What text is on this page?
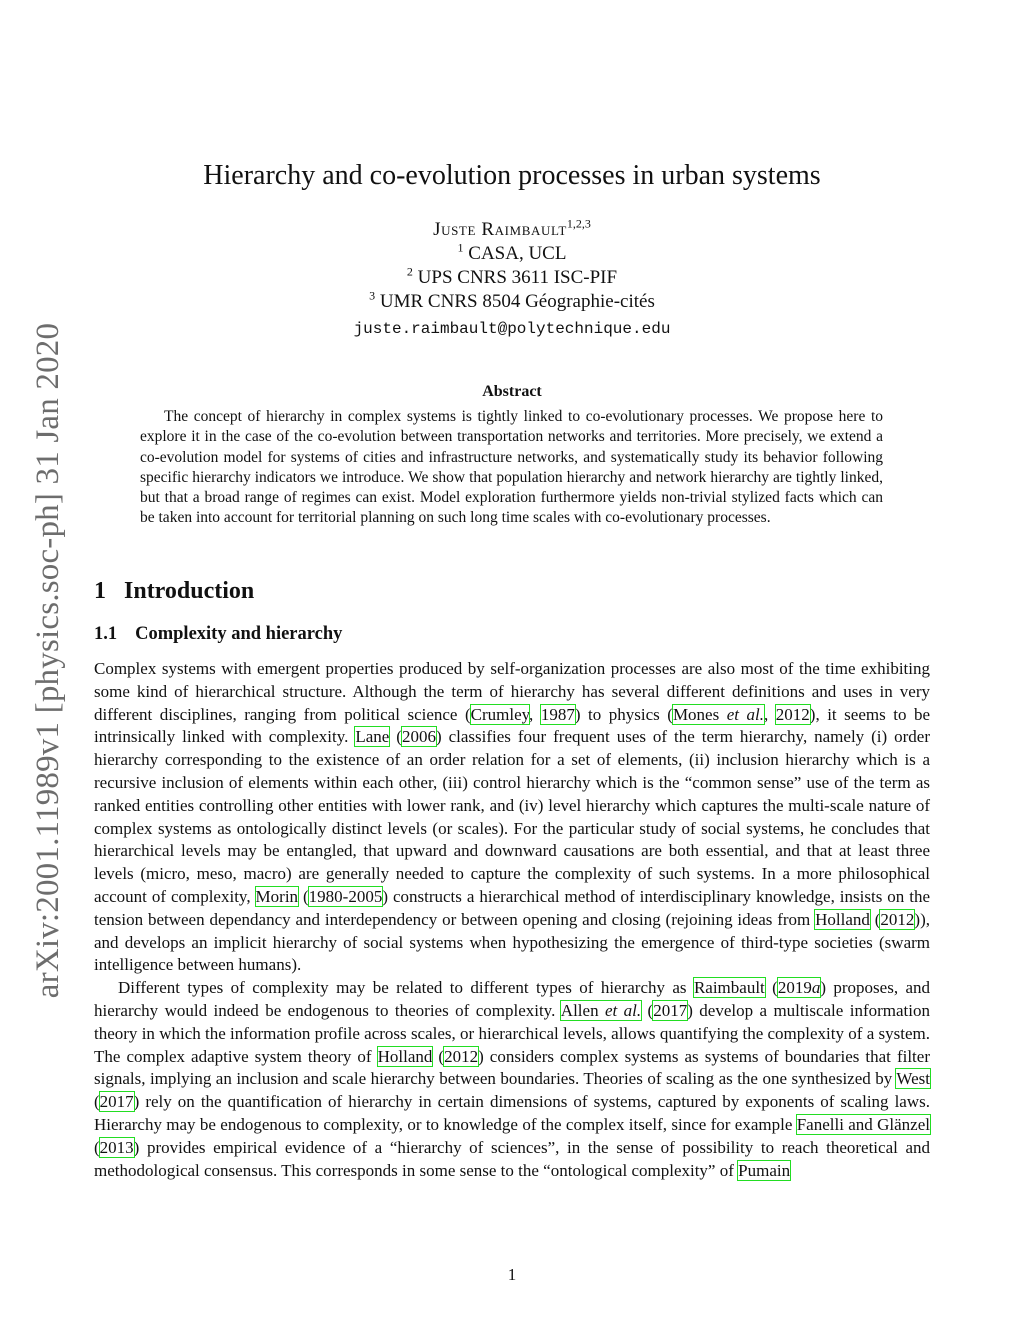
arXiv:2001.11989v1 [physics.soc-ph] 31 Jan 2020
Hierarchy and co-evolution processes in urban systems
Juste Raimbault$^{1,2,3}$
$^1$ CASA, UCL
$^2$ UPS CNRS 3611 ISC-PIF
$^3$ UMR CNRS 8504 Géographie-cités
juste.raimbault@polytechnique.edu
Abstract

The concept of hierarchy in complex systems is tightly linked to co-evolutionary processes. We propose here to explore it in the case of the co-evolution between transportation networks and territories. More precisely, we extend a co-evolution model for systems of cities and infrastructure networks, and systematically study its behavior following specific hierarchy indicators we introduce. We show that population hierarchy and network hierarchy are tightly linked, but that a broad range of regimes can exist. Model exploration furthermore yields non-trivial stylized facts which can be taken into account for territorial planning on such long time scales with co-evolutionary processes.

1 Introduction
1.1 Complexity and hierarchy

Complex systems with emergent properties produced by self-organization processes are also most of the time exhibiting some kind of hierarchical structure. Although the term of hierarchy has several different definitions and uses in very different disciplines, ranging from political science (Crumley, 1987) to physics (Mones et al., 2012), it seems to be intrinsically linked with complexity. Lane (2006) classifies four frequent uses of the term hierarchy, namely (i) order hierarchy corresponding to the existence of an order relation for a set of elements, (ii) inclusion hierarchy which is a recursive inclusion of elements within each other, (iii) control hierarchy which is the “common sense” use of the term as ranked entities controlling other entities with lower rank, and (iv) level hierarchy which captures the multi-scale nature of complex systems as ontologically distinct levels (or scales). For the particular study of social systems, he concludes that hierarchical levels may be entangled, that upward and downward causations are both essential, and that at least three levels (micro, meso, macro) are generally needed to capture the complexity of such systems. In a more philosophical account of complexity, Morin (1980-2005) constructs a hierarchical method of interdisciplinary knowledge, insists on the tension between dependancy and interdependency or between opening and closing (rejoining ideas from Holland (2012)), and develops an implicit hierarchy of social systems when hypothesizing the emergence of third-type societies (swarm intelligence between humans).

Different types of complexity may be related to different types of hierarchy as Raimbault (2019a) proposes, and hierarchy would indeed be endogenous to theories of complexity. Allen et al. (2017) develop a multiscale information theory in which the information profile across scales, or hierarchical levels, allows quantifying the complexity of a system. The complex adaptive system theory of Holland (2012) considers complex systems as systems of boundaries that filter signals, implying an inclusion and scale hierarchy between boundaries. Theories of scaling as the one synthesized by West (2017) rely on the quantification of hierarchy in certain dimensions of systems, captured by exponents of scaling laws. Hierarchy may be endogenous to complexity, or to knowledge of the complex itself, since for example Fanelli and Glänzel (2013) provides empirical evidence of a “hierarchy of sciences”, in the sense of possibility to reach theoretical and methodological consensus. This corresponds in some sense to the “ontological complexity” of Pumain

1
